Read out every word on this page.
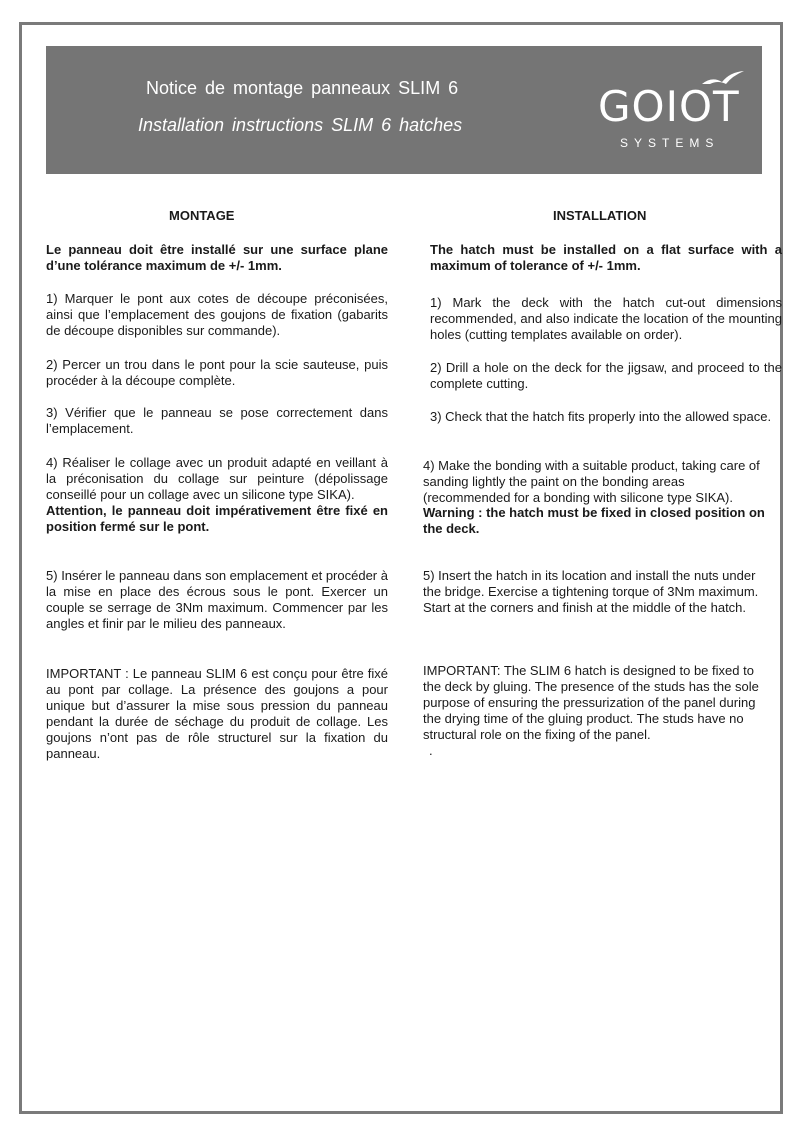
Notice de montage panneaux SLIM 6
Installation instructions SLIM 6 hatches	GOIOT
SYSTEMS
MONTAGE

Le panneau doit être installé sur une surface plane d’une tolérance maximum de +/- 1mm.

1) Marquer le pont aux cotes de découpe préconisées, ainsi que l’emplacement des goujons de fixation (gabarits de découpe disponibles sur commande).

2) Percer un trou dans le pont pour la scie sauteuse, puis procéder à la découpe complète.

3) Vérifier que le panneau se pose correctement dans l’emplacement.

4) Réaliser le collage avec un produit adapté en veillant à la préconisation du collage sur peinture (dépolissage conseillé pour un collage avec un silicone type SIKA).

Attention, le panneau doit impérativement être fixé en position fermé sur le pont.

5) Insérer le panneau dans son emplacement et procéder à la mise en place des écrous sous le pont. Exercer un couple se serrage de 3Nm maximum. Commencer par les angles et finir par le milieu des panneaux.

IMPORTANT : Le panneau SLIM 6 est conçu pour être fixé au pont par collage. La présence des goujons a pour unique but d’assurer la mise sous pression du panneau pendant la durée de séchage du produit de collage. Les goujons n’ont pas de rôle structurel sur la fixation du panneau.

INSTALLATION

The hatch must be installed on a flat surface with a maximum of tolerance of +/- 1mm.

1) Mark the deck with the hatch cut-out dimensions recommended, and also indicate the location of the mounting holes (cutting templates available on order).

2) Drill a hole on the deck for the jigsaw, and proceed to the complete cutting.

3) Check that the hatch fits properly into the allowed space.

4) Make the bonding with a suitable product, taking care of sanding lightly the paint on the bonding areas (recommended for a bonding with silicone type SIKA).

Warning : the hatch must be fixed in closed position on the deck.

5) Insert the hatch in its location and install the nuts under the bridge. Exercise a tightening torque of 3Nm maximum. Start at the corners and finish at the middle of the hatch.

IMPORTANT: The SLIM 6 hatch is designed to be fixed to the deck by gluing. The presence of the studs has the sole purpose of ensuring the pressurization of the panel during the drying time of the gluing product. The studs have no structural role on the fixing of the panel.

.
